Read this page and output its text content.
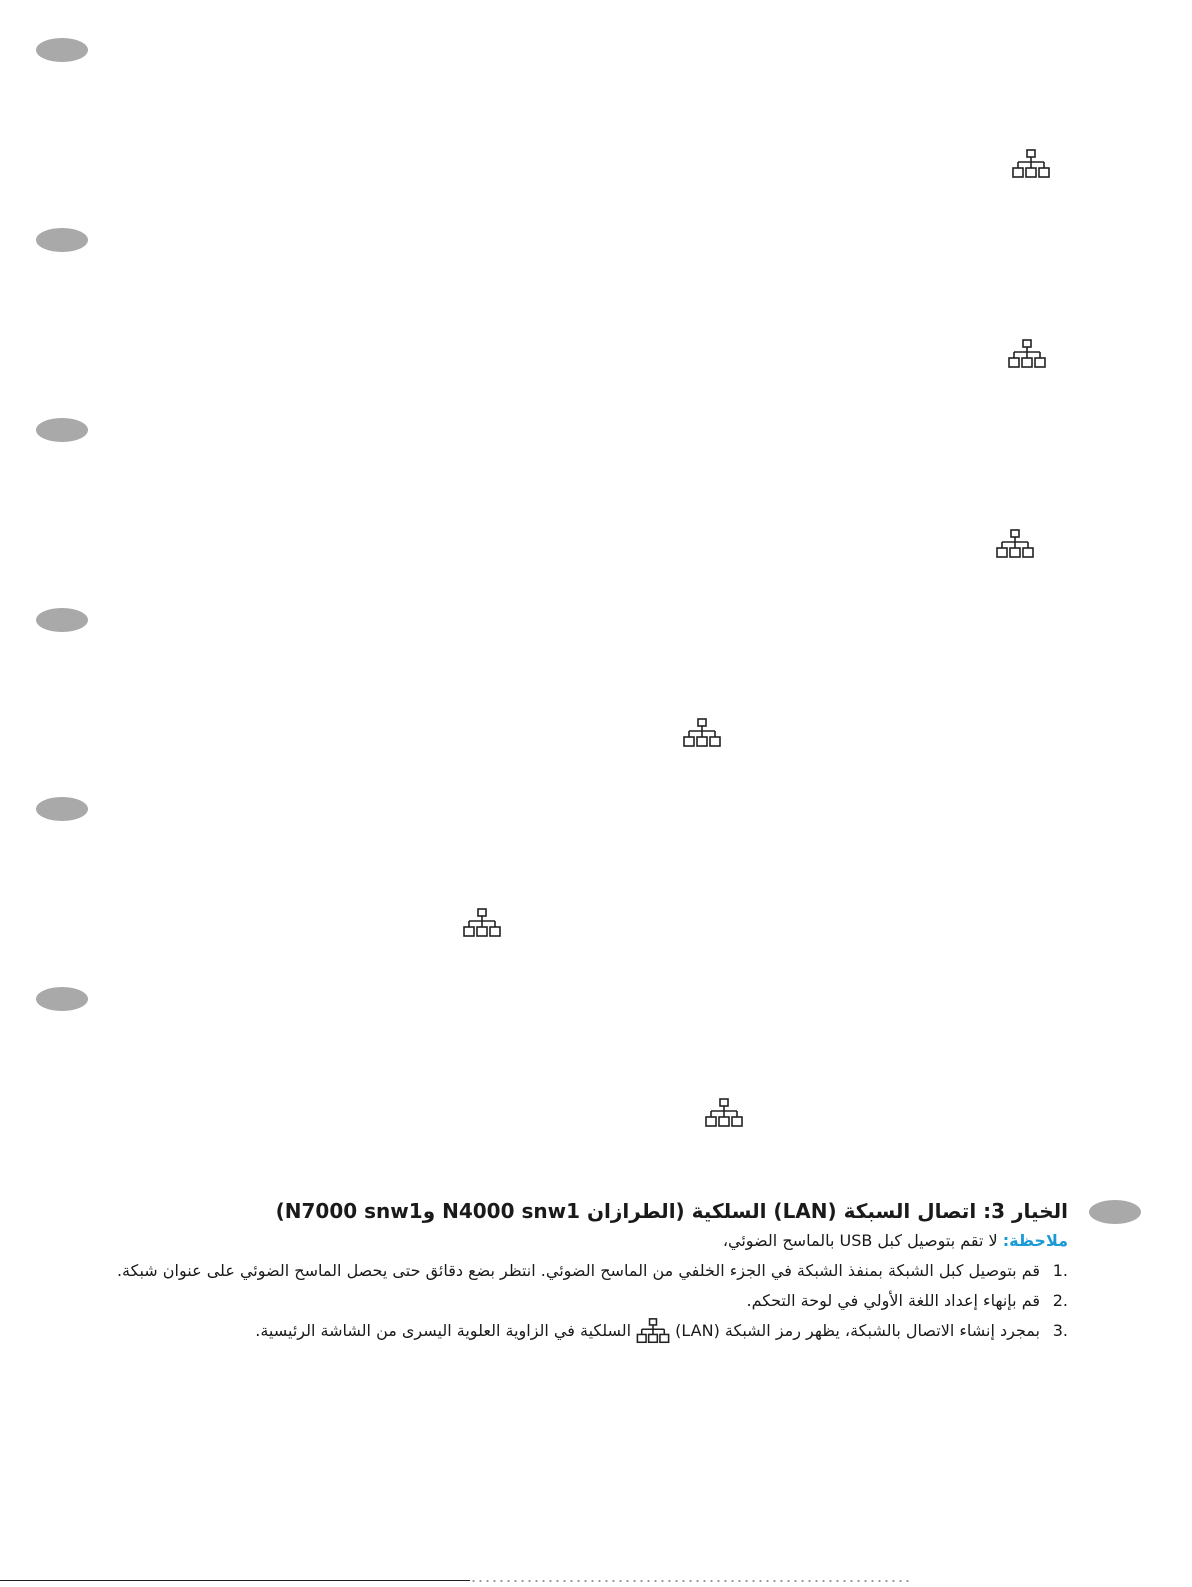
الخيار 3: اتصال السبكة (LAN) السلكية (الطرازان N4000 snw1 وN7000 snw1)
ملاحظة: لا تقم بتوصيل كبل USB بالماسح الضوئي،
.1
قم بتوصيل كبل الشبكة بمنفذ الشبكة في الجزء الخلفي من الماسح الضوئي. انتظر بضع دقائق حتى يحصل الماسح الضوئي على عنوان شبكة.
.2
قم بإنهاء إعداد اللغة الأولي في لوحة التحكم.
.3
بمجرد إنشاء الاتصال بالشبكة، يظهر رمز الشبكة (LAN)
السلكية في الزاوية العلوية اليسرى من الشاشة الرئيسية.
